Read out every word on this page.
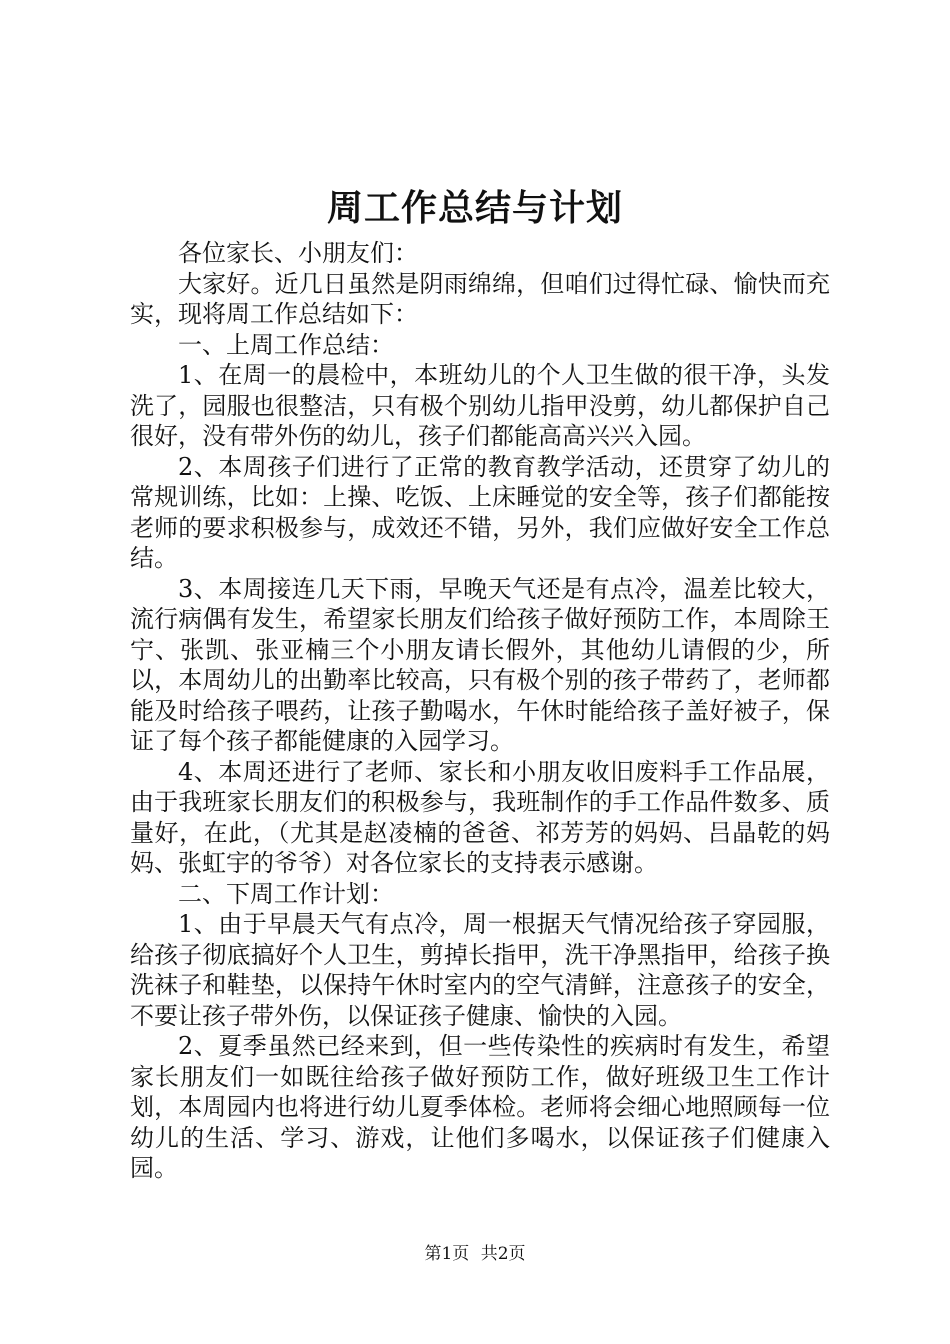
周工作总结与计划

各位家长、小朋友们：

大家好。近几日虽然是阴雨绵绵，但咱们过得忙碌、愉快而充实，现将周工作总结如下：

一、上周工作总结：

1、在周一的晨检中，本班幼儿的个人卫生做的很干净，头发洗了，园服也很整洁，只有极个别幼儿指甲没剪，幼儿都保护自己很好，没有带外伤的幼儿，孩子们都能高高兴兴入园。

2、本周孩子们进行了正常的教育教学活动，还贯穿了幼儿的常规训练，比如：上操、吃饭、上床睡觉的安全等，孩子们都能按老师的要求积极参与，成效还不错，另外，我们应做好安全工作总结。

3、本周接连几天下雨，早晚天气还是有点冷，温差比较大，流行病偶有发生，希望家长朋友们给孩子做好预防工作，本周除王宁、张凯、张亚楠三个小朋友请长假外，其他幼儿请假的少，所以，本周幼儿的出勤率比较高，只有极个别的孩子带药了，老师都能及时给孩子喂药，让孩子勤喝水，午休时能给孩子盖好被子，保证了每个孩子都能健康的入园学习。

4、本周还进行了老师、家长和小朋友收旧废料手工作品展，由于我班家长朋友们的积极参与，我班制作的手工作品件数多、质量好，在此，（尤其是赵凌楠的爸爸、祁芳芳的妈妈、吕晶乾的妈妈、张虹宇的爷爷）对各位家长的支持表示感谢。

二、下周工作计划：

1、由于早晨天气有点冷，周一根据天气情况给孩子穿园服，给孩子彻底搞好个人卫生，剪掉长指甲，洗干净黑指甲，给孩子换洗袜子和鞋垫，以保持午休时室内的空气清鲜，注意孩子的安全，不要让孩子带外伤，以保证孩子健康、愉快的入园。

2、夏季虽然已经来到，但一些传染性的疾病时有发生，希望家长朋友们一如既往给孩子做好预防工作，做好班级卫生工作计划，本周园内也将进行幼儿夏季体检。老师将会细心地照顾每一位幼儿的生活、学习、游戏，让他们多喝水，以保证孩子们健康入园。

第1页 共2页
